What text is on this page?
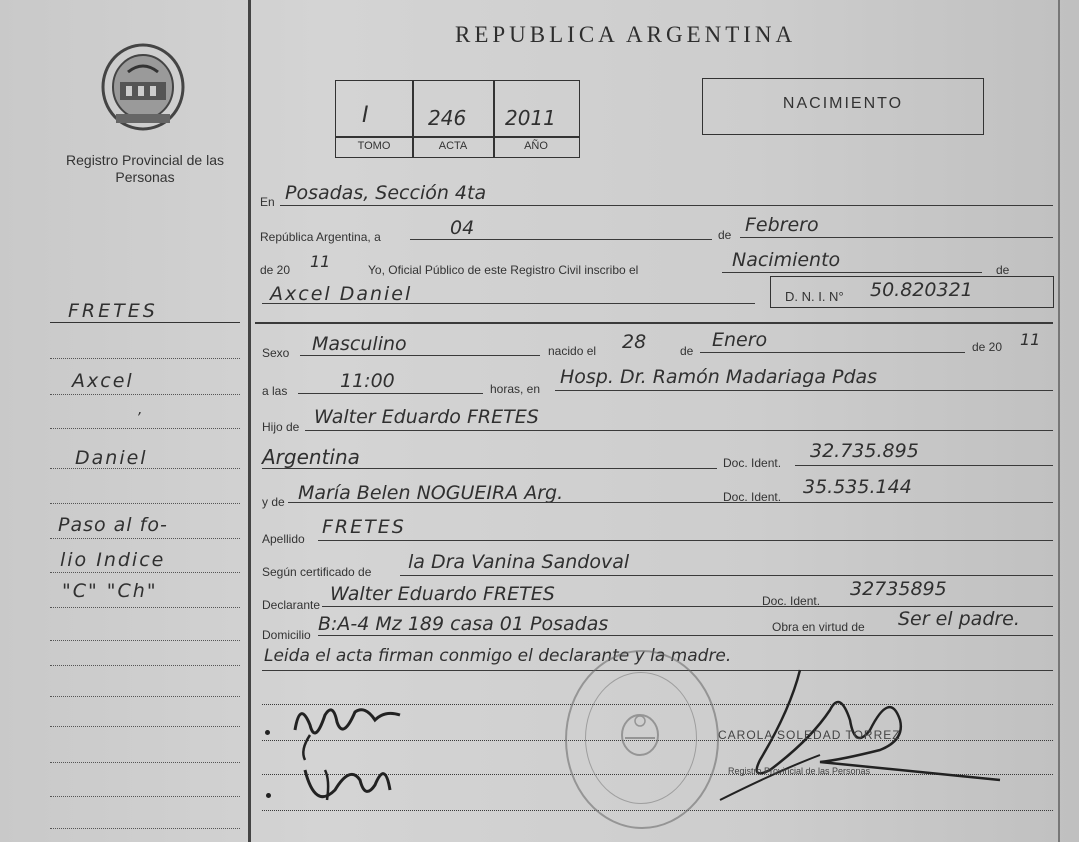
Registro Provincial de las Personas
FRETES
Axcel
,
Daniel
Paso al fo-
lio Indice
"C" "Ch"
REPUBLICA ARGENTINA
I	246 2011
TOMO	ACTA	AÑO
NACIMIENTO
En Posadas, Sección 4ta
República Argentina, a	04	de Febrero
de 20 11	Yo, Oficial Público de este Registro Civil inscribo el	Nacimiento	de
Axcel Daniel	D. N. I. N° 50.820321
Sexo Masculino	nacido el 28	de Enero	de 20 11
a las	11:00	horas, en
Hosp. Dr. Ramón Madariaga Pdas
Hijo de Walter Eduardo FRETES
Argentina	Doc. Ident.
32.735.895
y de María Belen NOGUEIRA Arg.	Doc. Ident. 35.535.144
Apellido
FRETES
Según certificado de la Dra Vanina Sandoval
Declarante Walter Eduardo FRETES	Doc. Ident.
32735895
Domicilio B:A-4 Mz 189 casa 01 Posadas	Obra en virtud de Ser el padre.
Leida el acta firman conmigo el declarante y la madre.
CAROLA SOLEDAD TORREZ
Registro Provincial de las Personas
